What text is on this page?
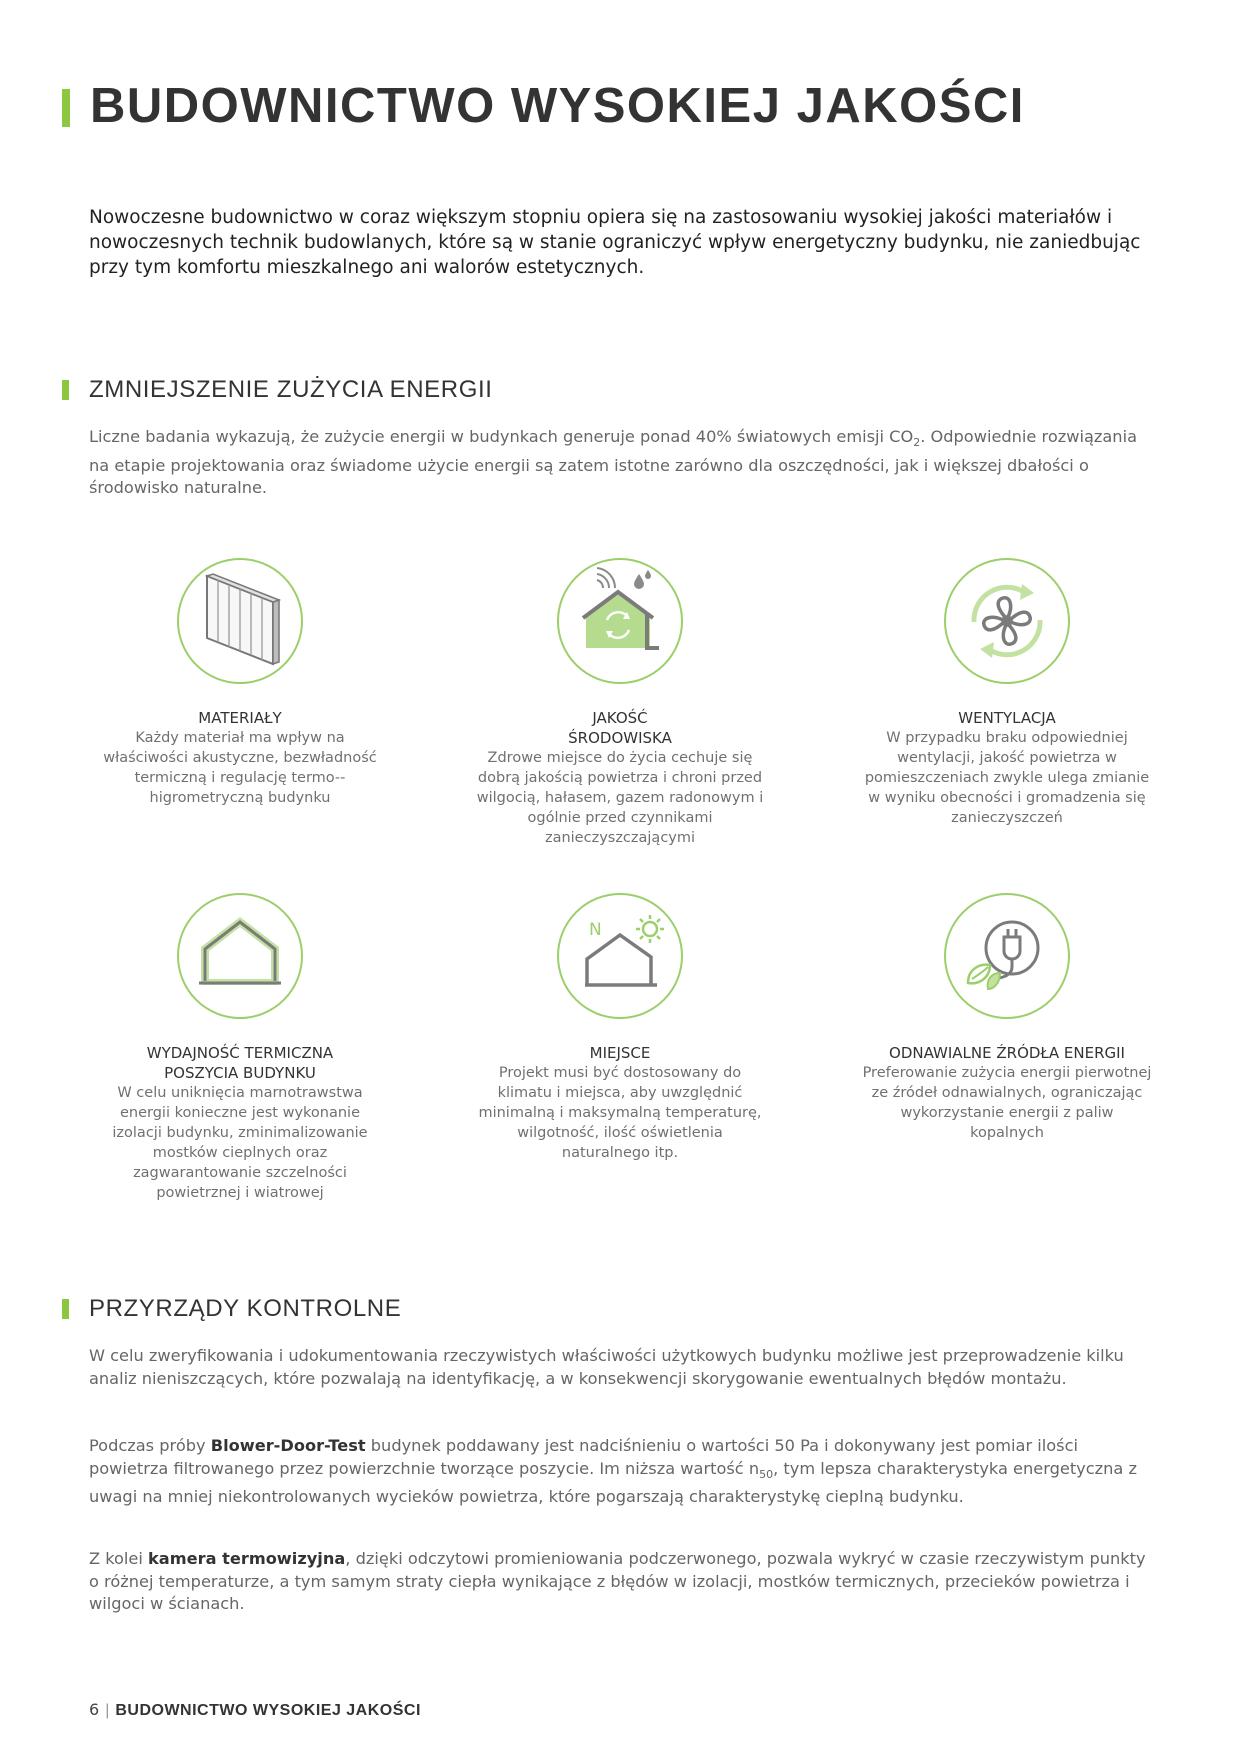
BUDOWNICTWO WYSOKIEJ JAKOŚCI

Nowoczesne budownictwo w coraz większym stopniu opiera się na zastosowaniu wysokiej jakości materiałów i nowoczesnych technik budowlanych, które są w stanie ograniczyć wpływ energetyczny budynku, nie zaniedbując przy tym komfortu mieszkalnego ani walorów estetycznych.

ZMNIEJSZENIE ZUŻYCIA ENERGII

Liczne badania wykazują, że zużycie energii w budynkach generuje ponad 40% światowych emisji $CO_2$. Odpowiednie rozwiązania na etapie projektowania oraz świadome użycie energii są zatem istotne zarówno dla oszczędności, jak i większej dbałości o środowisko naturalne.

MATERIAŁY
Każdy materiał ma wpływ na właściwości akustyczne, bezwładność termiczną i regulację termo--higrometryczną budynku
JAKOŚĆ
ŚRODOWISKA
Zdrowe miejsce do życia cechuje się dobrą jakością powietrza i chroni przed wilgocią, hałasem, gazem radonowym i ogólnie przed czynnikami zanieczyszczającymi
WENTYLACJA
W przypadku braku odpowiedniej wentylacji, jakość powietrza w pomieszczeniach zwykle ulega zmianie w wyniku obecności i gromadzenia się zanieczyszczeń
WYDAJNOŚĆ TERMICZNA
POSZYCIA BUDYNKU
W celu uniknięcia marnotrawstwa energii konieczne jest wykonanie izolacji budynku, zminimalizowanie mostków cieplnych oraz zagwarantowanie szczelności powietrznej i wiatrowej
N
MIEJSCE
Projekt musi być dostosowany do klimatu i miejsca, aby uwzględnić minimalną i maksymalną temperaturę, wilgotność, ilość oświetlenia naturalnego itp.
ODNAWIALNE ŹRÓDŁA ENERGII
Preferowanie zużycia energii pierwotnej ze źródeł odnawialnych, ograniczając wykorzystanie energii z paliw kopalnych
PRZYRZĄDY KONTROLNE

W celu zweryfikowania i udokumentowania rzeczywistych właściwości użytkowych budynku możliwe jest przeprowadzenie kilku analiz nieniszczących, które pozwalają na identyfikację, a w konsekwencji skorygowanie ewentualnych błędów montażu.

Podczas próby Blower-Door-Test budynek poddawany jest nadciśnieniu o wartości 50 Pa i dokonywany jest pomiar ilości powietrza filtrowanego przez powierzchnie tworzące poszycie. Im niższa wartość $n_{50}$, tym lepsza charakterystyka energetyczna z uwagi na mniej niekontrolowanych wycieków powietrza, które pogarszają charakterystykę cieplną budynku.

Z kolei kamera termowizyjna, dzięki odczytowi promieniowania podczerwonego, pozwala wykryć w czasie rzeczywistym punkty o różnej temperaturze, a tym samym straty ciepła wynikające z błędów w izolacji, mostków termicznych, przecieków powietrza i wilgoci w ścianach.

6 | BUDOWNICTWO WYSOKIEJ JAKOŚCI
